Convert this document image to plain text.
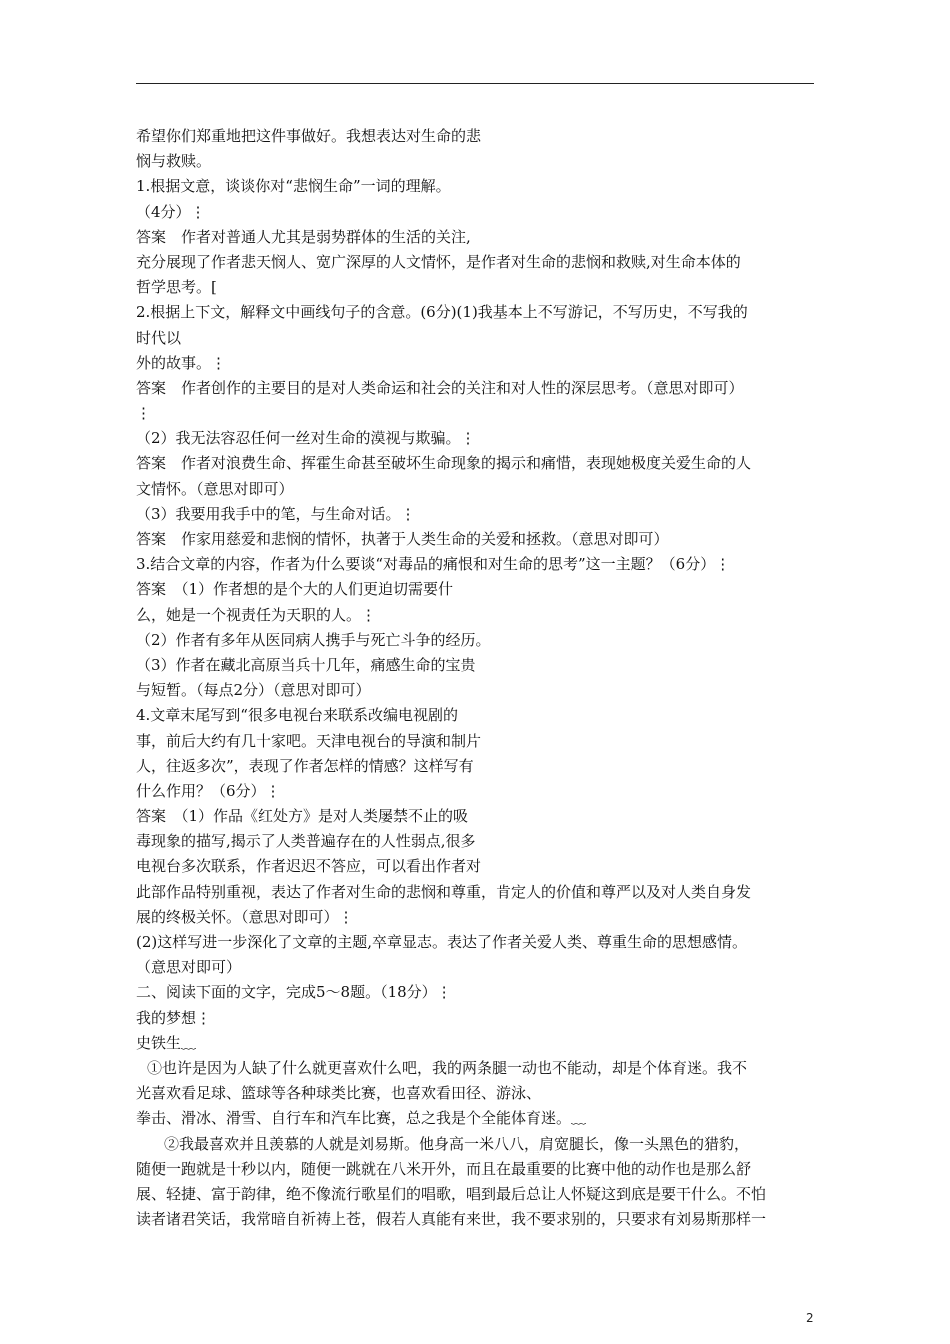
希望你们郑重地把这件事做好。我想表达对生命的悲
悯与救赎。
1.根据文意，谈谈你对“悲悯生命”一词的理解。
（4分）⋮
答案　作者对普通人尤其是弱势群体的生活的关注,
充分展现了作者悲天悯人、宽广深厚的人文情怀，是作者对生命的悲悯和救赎,对生命本体的
哲学思考。[
2.根据上下文，解释文中画线句子的含意。(6分)(1)我基本上不写游记，不写历史，不写我的
时代以
外的故事。⋮
答案　作者创作的主要目的是对人类命运和社会的关注和对人性的深层思考。（意思对即可）
⋮
（2）我无法容忍任何一丝对生命的漠视与欺骗。⋮
答案　作者对浪费生命、挥霍生命甚至破坏生命现象的揭示和痛惜，表现她极度关爱生命的人
文情怀。（意思对即可）
（3）我要用我手中的笔，与生命对话。⋮
答案　作家用慈爱和悲悯的情怀，执著于人类生命的关爱和拯救。（意思对即可）
3.结合文章的内容，作者为什么要谈“对毒品的痛恨和对生命的思考”这一主题？（6分）⋮
答案　（1）作者想的是个大的人们更迫切需要什
么，她是一个视责任为天职的人。⋮
（2）作者有多年从医同病人携手与死亡斗争的经历。
（3）作者在藏北高原当兵十几年，痛感生命的宝贵
与短暂。（每点2分）（意思对即可）
4.文章末尾写到“很多电视台来联系改编电视剧的
事，前后大约有几十家吧。天津电视台的导演和制片
人，往返多次”，表现了作者怎样的情感？这样写有
什么作用？（6分）⋮
答案　（1）作品《红处方》是对人类屡禁不止的吸
毒现象的描写,揭示了人类普遍存在的人性弱点,很多
电视台多次联系，作者迟迟不答应，可以看出作者对
此部作品特别重视，表达了作者对生命的悲悯和尊重，肯定人的价值和尊严以及对人类自身发
展的终极关怀。（意思对即可）⋮
(2)这样写进一步深化了文章的主题,卒章显志。表达了作者关爱人类、尊重生命的思想感情。
（意思对即可）
二、阅读下面的文字，完成5～8题。（18分）⋮
我的梦想⋮
史铁生﹏
①也许是因为人缺了什么就更喜欢什么吧，我的两条腿一动也不能动，却是个体育迷。我不
光喜欢看足球、篮球等各种球类比赛，也喜欢看田径、游泳、
拳击、滑冰、滑雪、自行车和汽车比赛，总之我是个全能体育迷。﹏
②我最喜欢并且羡慕的人就是刘易斯。他身高一米八八，肩宽腿长，像一头黑色的猎豹，
随便一跑就是十秒以内，随便一跳就在八米开外，而且在最重要的比赛中他的动作也是那么舒
展、轻捷、富于韵律，绝不像流行歌星们的唱歌，唱到最后总让人怀疑这到底是要干什么。不怕
读者诸君笑话，我常暗自祈祷上苍，假若人真能有来世，我不要求别的，只要求有刘易斯那样一
2
